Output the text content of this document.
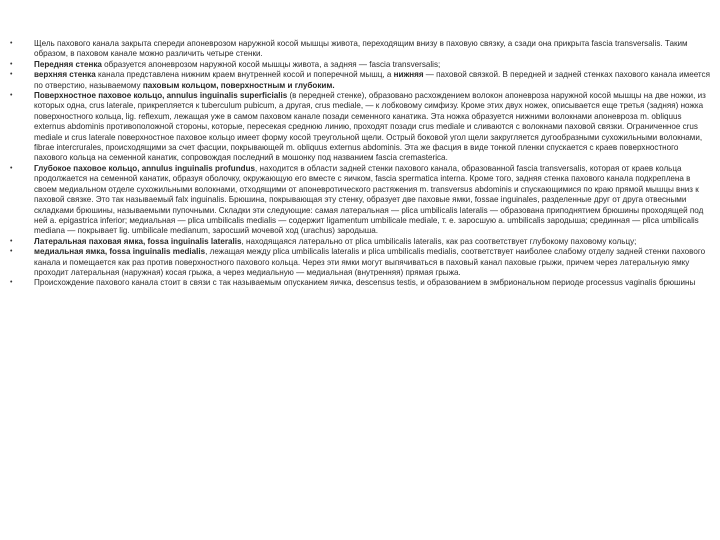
•	Щель пахового канала закрыта спереди апоневрозом наружной косой мышцы живота, переходящим внизу в паховую связку, а сзади она прикрыта fascia transversalis. Таким образом, в паховом канале можно различить четыре стенки.
•	Передняя стенка образуется апоневрозом наружной косой мышцы живота, а задняя — fascia transversalis;
•	верхняя стенка канала представлена нижним краем внутренней косой и поперечной мышц, а нижняя — паховой связкой. В передней и задней стенках пахового канала имеется по отверстию, называемому паховым кольцом, поверхностным и глубоким.
•	Поверхностное паховое кольцо, annulus inguinalis superficialis (в передней стенке), образовано расхождением волокон апоневроза наружной косой мышцы на две ножки, из которых одна, crus laterale, прикрепляется к tuberculum pubicum, а другая, crus mediale, — к лобковому симфизу. Кроме этих двух ножек, описывается еще третья (задняя) ножка поверхностного кольца, lig. reflexum, лежащая уже в самом паховом канале позади семенного канатика. Эта ножка образуется нижними волокнами апоневроза m. obliquus externus abdominis противоположной стороны, которые, пересекая среднюю линию, проходят позади crus mediale и сливаются с волокнами паховой связки. Ограниченное crus mediale и crus laterale поверхностное паховое кольцо имеет форму косой треугольной щели. Острый боковой угол щели закругляется дугообразными сухожильными волокнами, fibrae intercrurales, происходящими за счет фасции, покрывающей m. obliquus externus abdominis. Эта же фасция в виде тонкой пленки спускается с краев поверхностного пахового кольца на семенной канатик, сопровождая последний в мошонку под названием fascia cremasterica.
•	Глубокое паховое кольцо, annulus inguinalis profundus, находится в области задней стенки пахового канала, образованной fascia transversalis, которая от краев кольца продолжается на семенной канатик, образуя оболочку, окружающую его вместе с яичком, fascia spermatica interna. Кроме того, задняя стенка пахового канала подкреплена в своем медиальном отделе сухожильными волокнами, отходящими от апоневротического растяжения m. transversus abdominis и спускающимися по краю прямой мышцы вниз к паховой связке. Это так называемый falx inguinalis. Брюшина, покрывающая эту стенку, образует две паховые ямки, fossae inguinales, разделенные друг от друга отвесными складками брюшины, называемыми пупочными. Складки эти следующие: самая латеральная — plica umbilicalis lateralis — образована приподнятием брюшины проходящей под ней a. epigastrica inferior; медиальная — plica umbilicalis medialis — содержит ligamentum umbilicale mediale, т. е. заросшую a. umbilicalis зародыша; срединная — plica umbilicalis mediana — покрывает lig. umbilicale medianum, заросший мочевой ход (urachus) зародыша.
•	Латеральная паховая ямка, fossa inguinalis lateralis, находящаяся латерально от plica umbilicalis lateralis, как раз соответствует глубокому паховому кольцу;
•	медиальная ямка, fossa inguinalis medialis, лежащая между plica umbilicalis lateralis и plica umbilicalis medialis, соответствует наиболее слабому отделу задней стенки пахового канала и помещается как раз против поверхностного пахового кольца. Через эти ямки могут выпячиваться в паховый канал паховые грыжи, причем через латеральную ямку проходит латеральная (наружная) косая грыжа, а через медиальную — медиальная (внутренняя) прямая грыжа.
•	Происхождение пахового канала стоит в связи с так называемым опусканием яичка, descensus testis, и образованием в эмбриональном периоде processus vaginalis брюшины
